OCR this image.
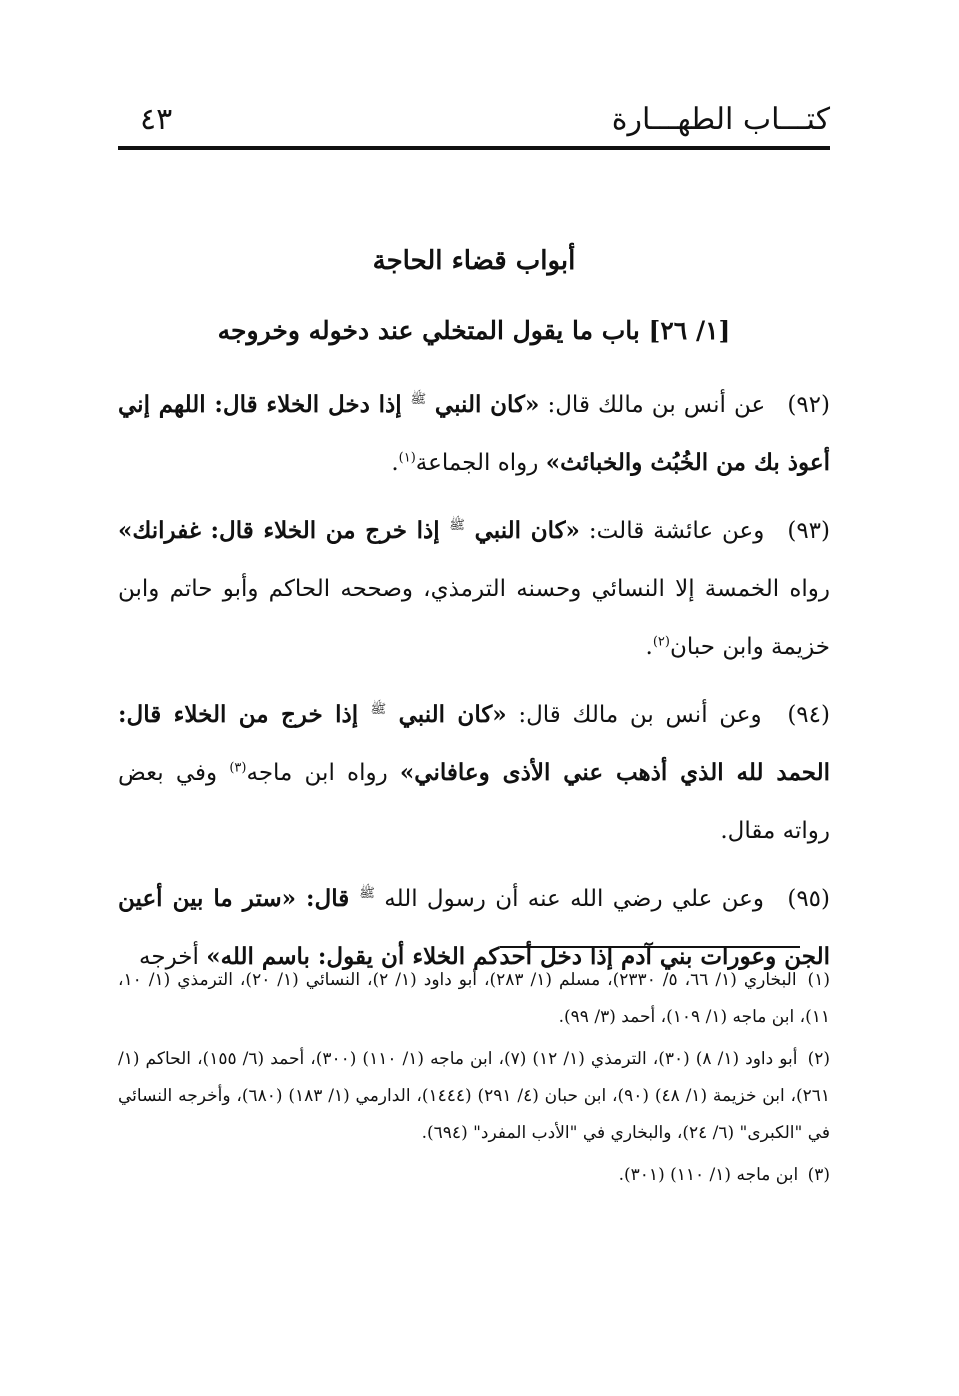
كتـــاب الطهـــارة
٤٣
أبواب قضاء الحاجة
[١/ ٢٦] باب ما يقول المتخلي عند دخوله وخروجه

(٩٢) عن أنس بن مالك قال: «كان النبي ﷺ إذا دخل الخلاء قال: اللهم إني أعوذ بك من الخُبُث والخبائث» رواه الجماعة$^{(١)}$.

(٩٣) وعن عائشة قالت: «كان النبي ﷺ إذا خرج من الخلاء قال: غفرانك» رواه الخمسة إلا النسائي وحسنه الترمذي، وصححه الحاكم وأبو حاتم وابن خزيمة وابن حبان$^{(٢)}$.

(٩٤) وعن أنس بن مالك قال: «كان النبي ﷺ إذا خرج من الخلاء قال: الحمد لله الذي أذهب عني الأذى وعافاني» رواه ابن ماجه$^{(٣)}$ وفي بعض رواته مقال.

(٩٥) وعن علي رضي الله عنه أن رسول الله ﷺ قال: «ستر ما بين أعين الجن وعورات بني آدم إذا دخل أحدكم الخلاء أن يقول: باسم الله» أخرجه

(١) البخاري (١/ ٦٦، ٥/ ٢٣٣٠)، مسلم (١/ ٢٨٣)، أبو داود (١/ ٢)، النسائي (١/ ٢٠)، الترمذي (١/ ١٠، ١١)، ابن ماجه (١/ ١٠٩)، أحمد (٣/ ٩٩).

(٢) أبو داود (١/ ٨) (٣٠)، الترمذي (١/ ١٢) (٧)، ابن ماجه (١/ ١١٠) (٣٠٠)، أحمد (٦/ ١٥٥)، الحاكم (١/ ٢٦١)، ابن خزيمة (١/ ٤٨) (٩٠)، ابن حبان (٤/ ٢٩١) (١٤٤٤)، الدارمي (١/ ١٨٣) (٦٨٠)، وأخرجه النسائي في "الكبرى" (٦/ ٢٤)، والبخاري في "الأدب المفرد" (٦٩٤).

(٣) ابن ماجه (١/ ١١٠) (٣٠١).
